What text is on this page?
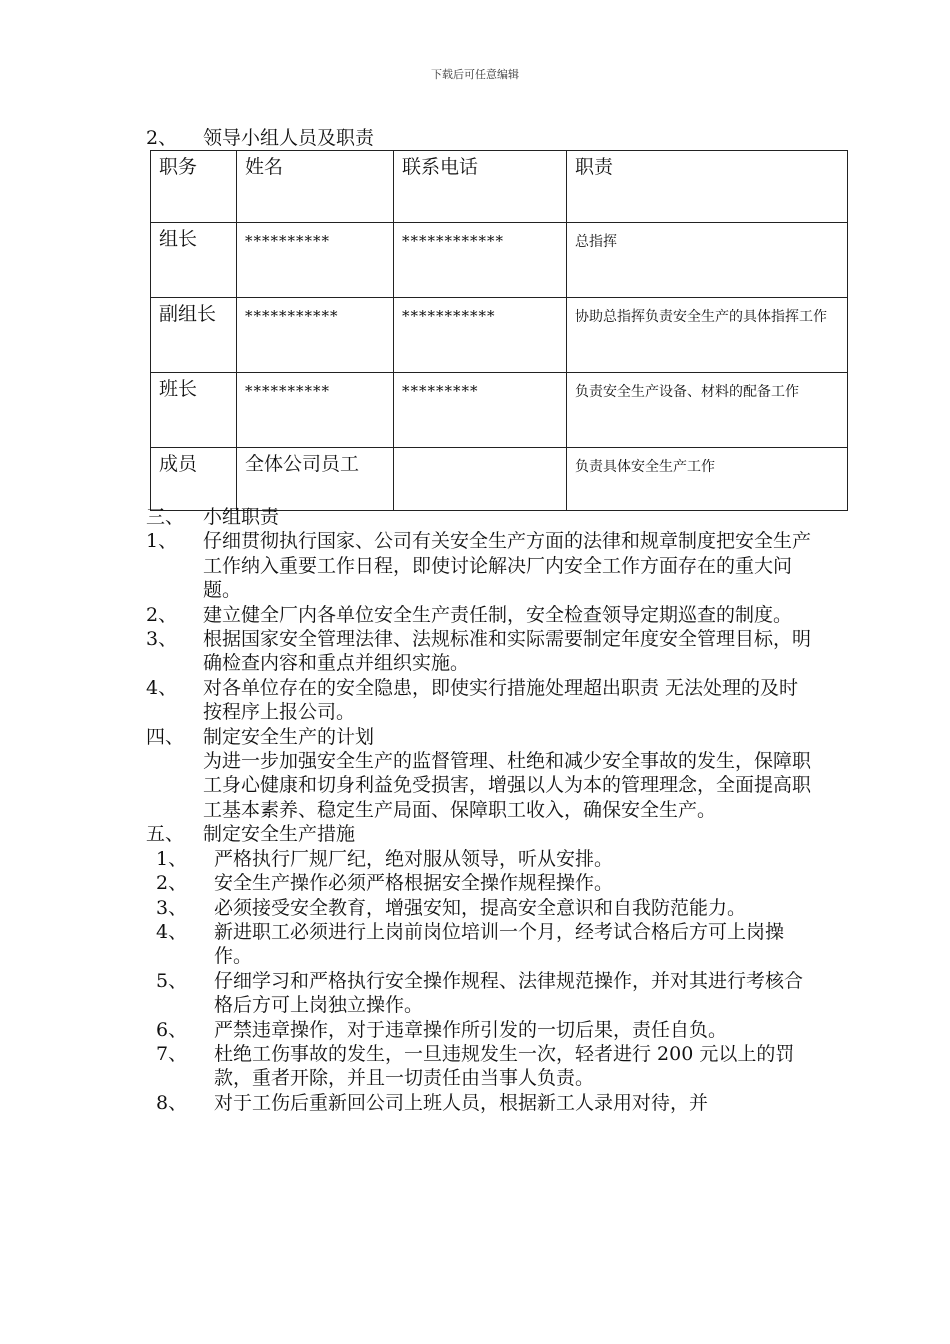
下载后可任意编辑
2、 领导小组人员及职责
职务	姓名	联系电话	职责
组长	**********	************	总指挥
副组长	***********	***********	协助总指挥负责安全生产的具体指挥工作
班长	**********	*********	负责安全生产设备、材料的配备工作
成员	全体公司员工		负责具体安全生产工作
三、 小组职责
1、	仔细贯彻执行国家、公司有关安全生产方面的法律和规章制度把安全生产工作纳入重要工作日程，即使讨论解决厂内安全工作方面存在的重大问题。
2、	建立健全厂内各单位安全生产责任制，安全检查领导定期巡查的制度。
3、	根据国家安全管理法律、法规标准和实际需要制定年度安全管理目标，明确检查内容和重点并组织实施。
4、	对各单位存在的安全隐患，即使实行措施处理超出职责 无法处理的及时按程序上报公司。
四、 制定安全生产的计划
为进一步加强安全生产的监督管理、杜绝和减少安全事故的发生，保障职工身心健康和切身利益免受损害，增强以人为本的管理理念，全面提高职工基本素养、稳定生产局面、保障职工收入，确保安全生产。
五、 制定安全生产措施
1、	严格执行厂规厂纪，绝对服从领导，听从安排。
2、	安全生产操作必须严格根据安全操作规程操作。
3、	必须接受安全教育，增强安知，提高安全意识和自我防范能力。
4、	新进职工必须进行上岗前岗位培训一个月，经考试合格后方可上岗操作。
5、	仔细学习和严格执行安全操作规程、法律规范操作，并对其进行考核合格后方可上岗独立操作。
6、	严禁违章操作，对于违章操作所引发的一切后果，责任自负。
7、	杜绝工伤事故的发生，一旦违规发生一次，轻者进行 200 元以上的罚款，重者开除，并且一切责任由当事人负责。
8、	对于工伤后重新回公司上班人员，根据新工人录用对待，并
